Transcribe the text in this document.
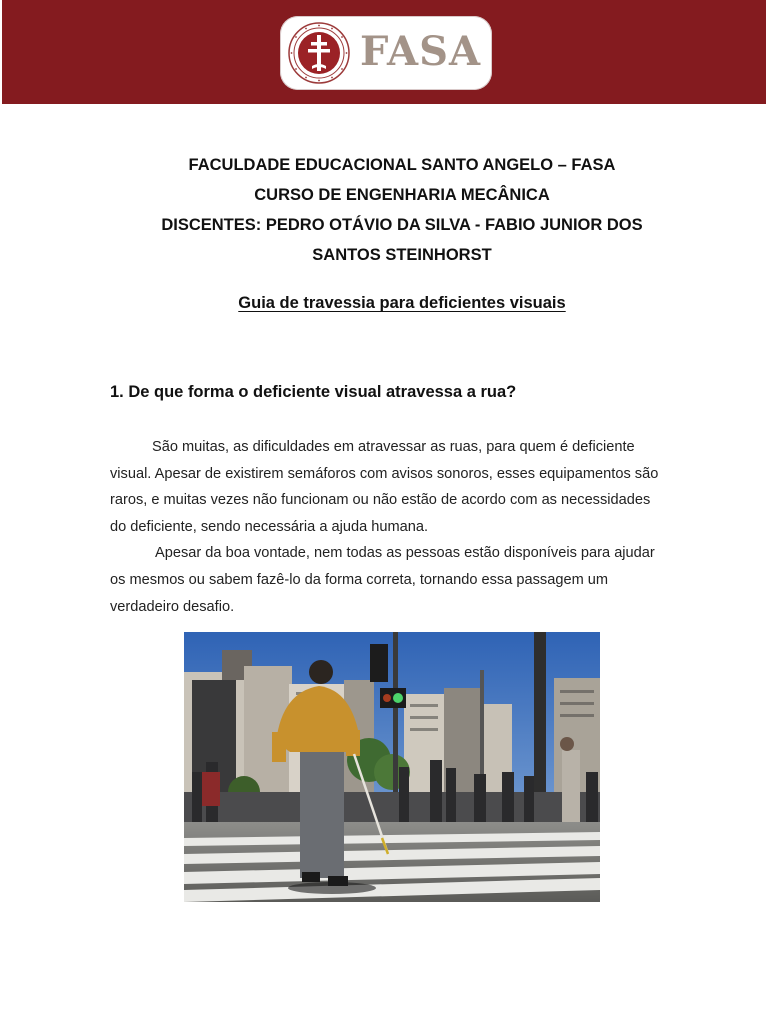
FASA
FACULDADE EDUCACIONAL SANTO ANGELO – FASA
CURSO DE ENGENHARIA MECÂNICA
DISCENTES: PEDRO OTÁVIO DA SILVA - FABIO JUNIOR DOS
SANTOS STEINHORST
Guia de travessia para deficientes visuais
1. De que forma o deficiente visual atravessa a rua?
São muitas, as dificuldades em atravessar as ruas, para quem é deficiente
visual. Apesar de existirem semáforos com avisos sonoros, esses equipamentos são
raros, e muitas vezes não funcionam ou não estão de acordo com as necessidades
do deficiente, sendo necessária a ajuda humana.
Apesar da boa vontade, nem todas as pessoas estão disponíveis para ajudar
os mesmos ou sabem fazê-lo da forma correta, tornando essa passagem um
verdadeiro desafio.
